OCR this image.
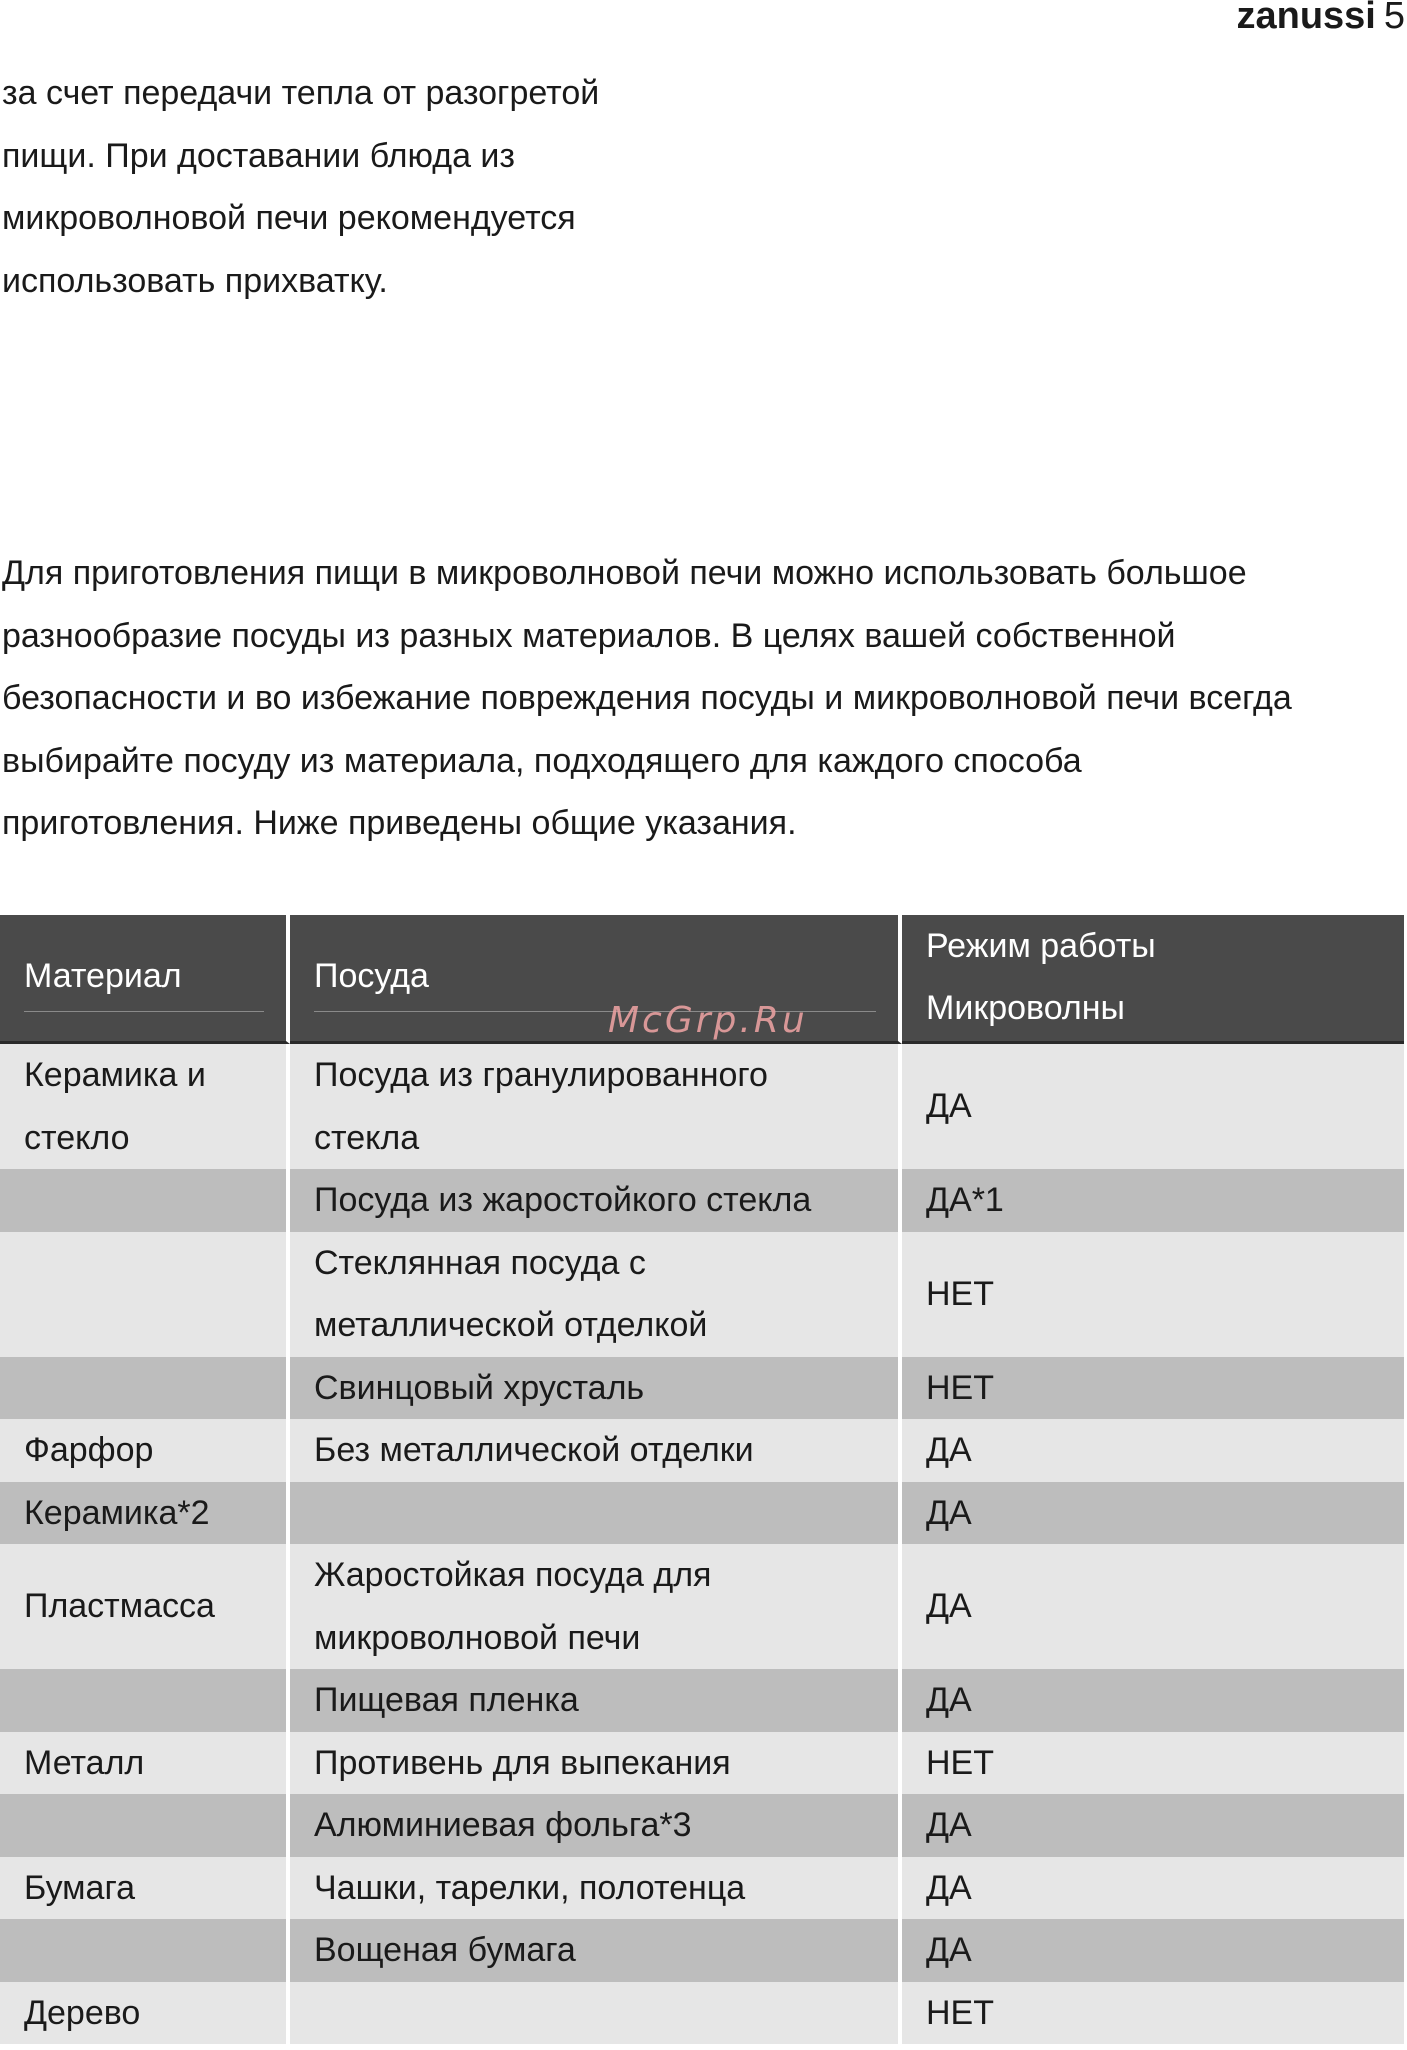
zanussi 5
за счет передачи тепла от разогретой
пищи. При доставании блюда из
микроволновой печи рекомендуется
использовать прихватку.
Для приготовления пищи в микроволновой печи можно использовать большое
разнообразие посуды из разных материалов. В целях вашей собственной
безопасности и во избежание повреждения посуды и микроволновой печи всегда
выбирайте посуду из материала, подходящего для каждого способа
приготовления. Ниже приведены общие указания.
Материал	Посуда	Режим работы
Микроволны

Керамика и стекло	Посуда из гранулированного стекла	ДА
	Посуда из жаростойкого стекла	ДА*1
	Стеклянная посуда с металлической отделкой	НЕТ
	Свинцовый хрусталь	НЕТ
Фарфор	Без металлической отделки	ДА
Керамика*2		ДА
Пластмасса	Жаростойкая посуда для микроволновой печи	ДА
	Пищевая пленка	ДА
Металл	Противень для выпекания	НЕТ
	Алюминиевая фольга*3	ДА
Бумага	Чашки, тарелки, полотенца	ДА
	Вощеная бумага	ДА
Дерево		НЕТ
McGrp.Ru
